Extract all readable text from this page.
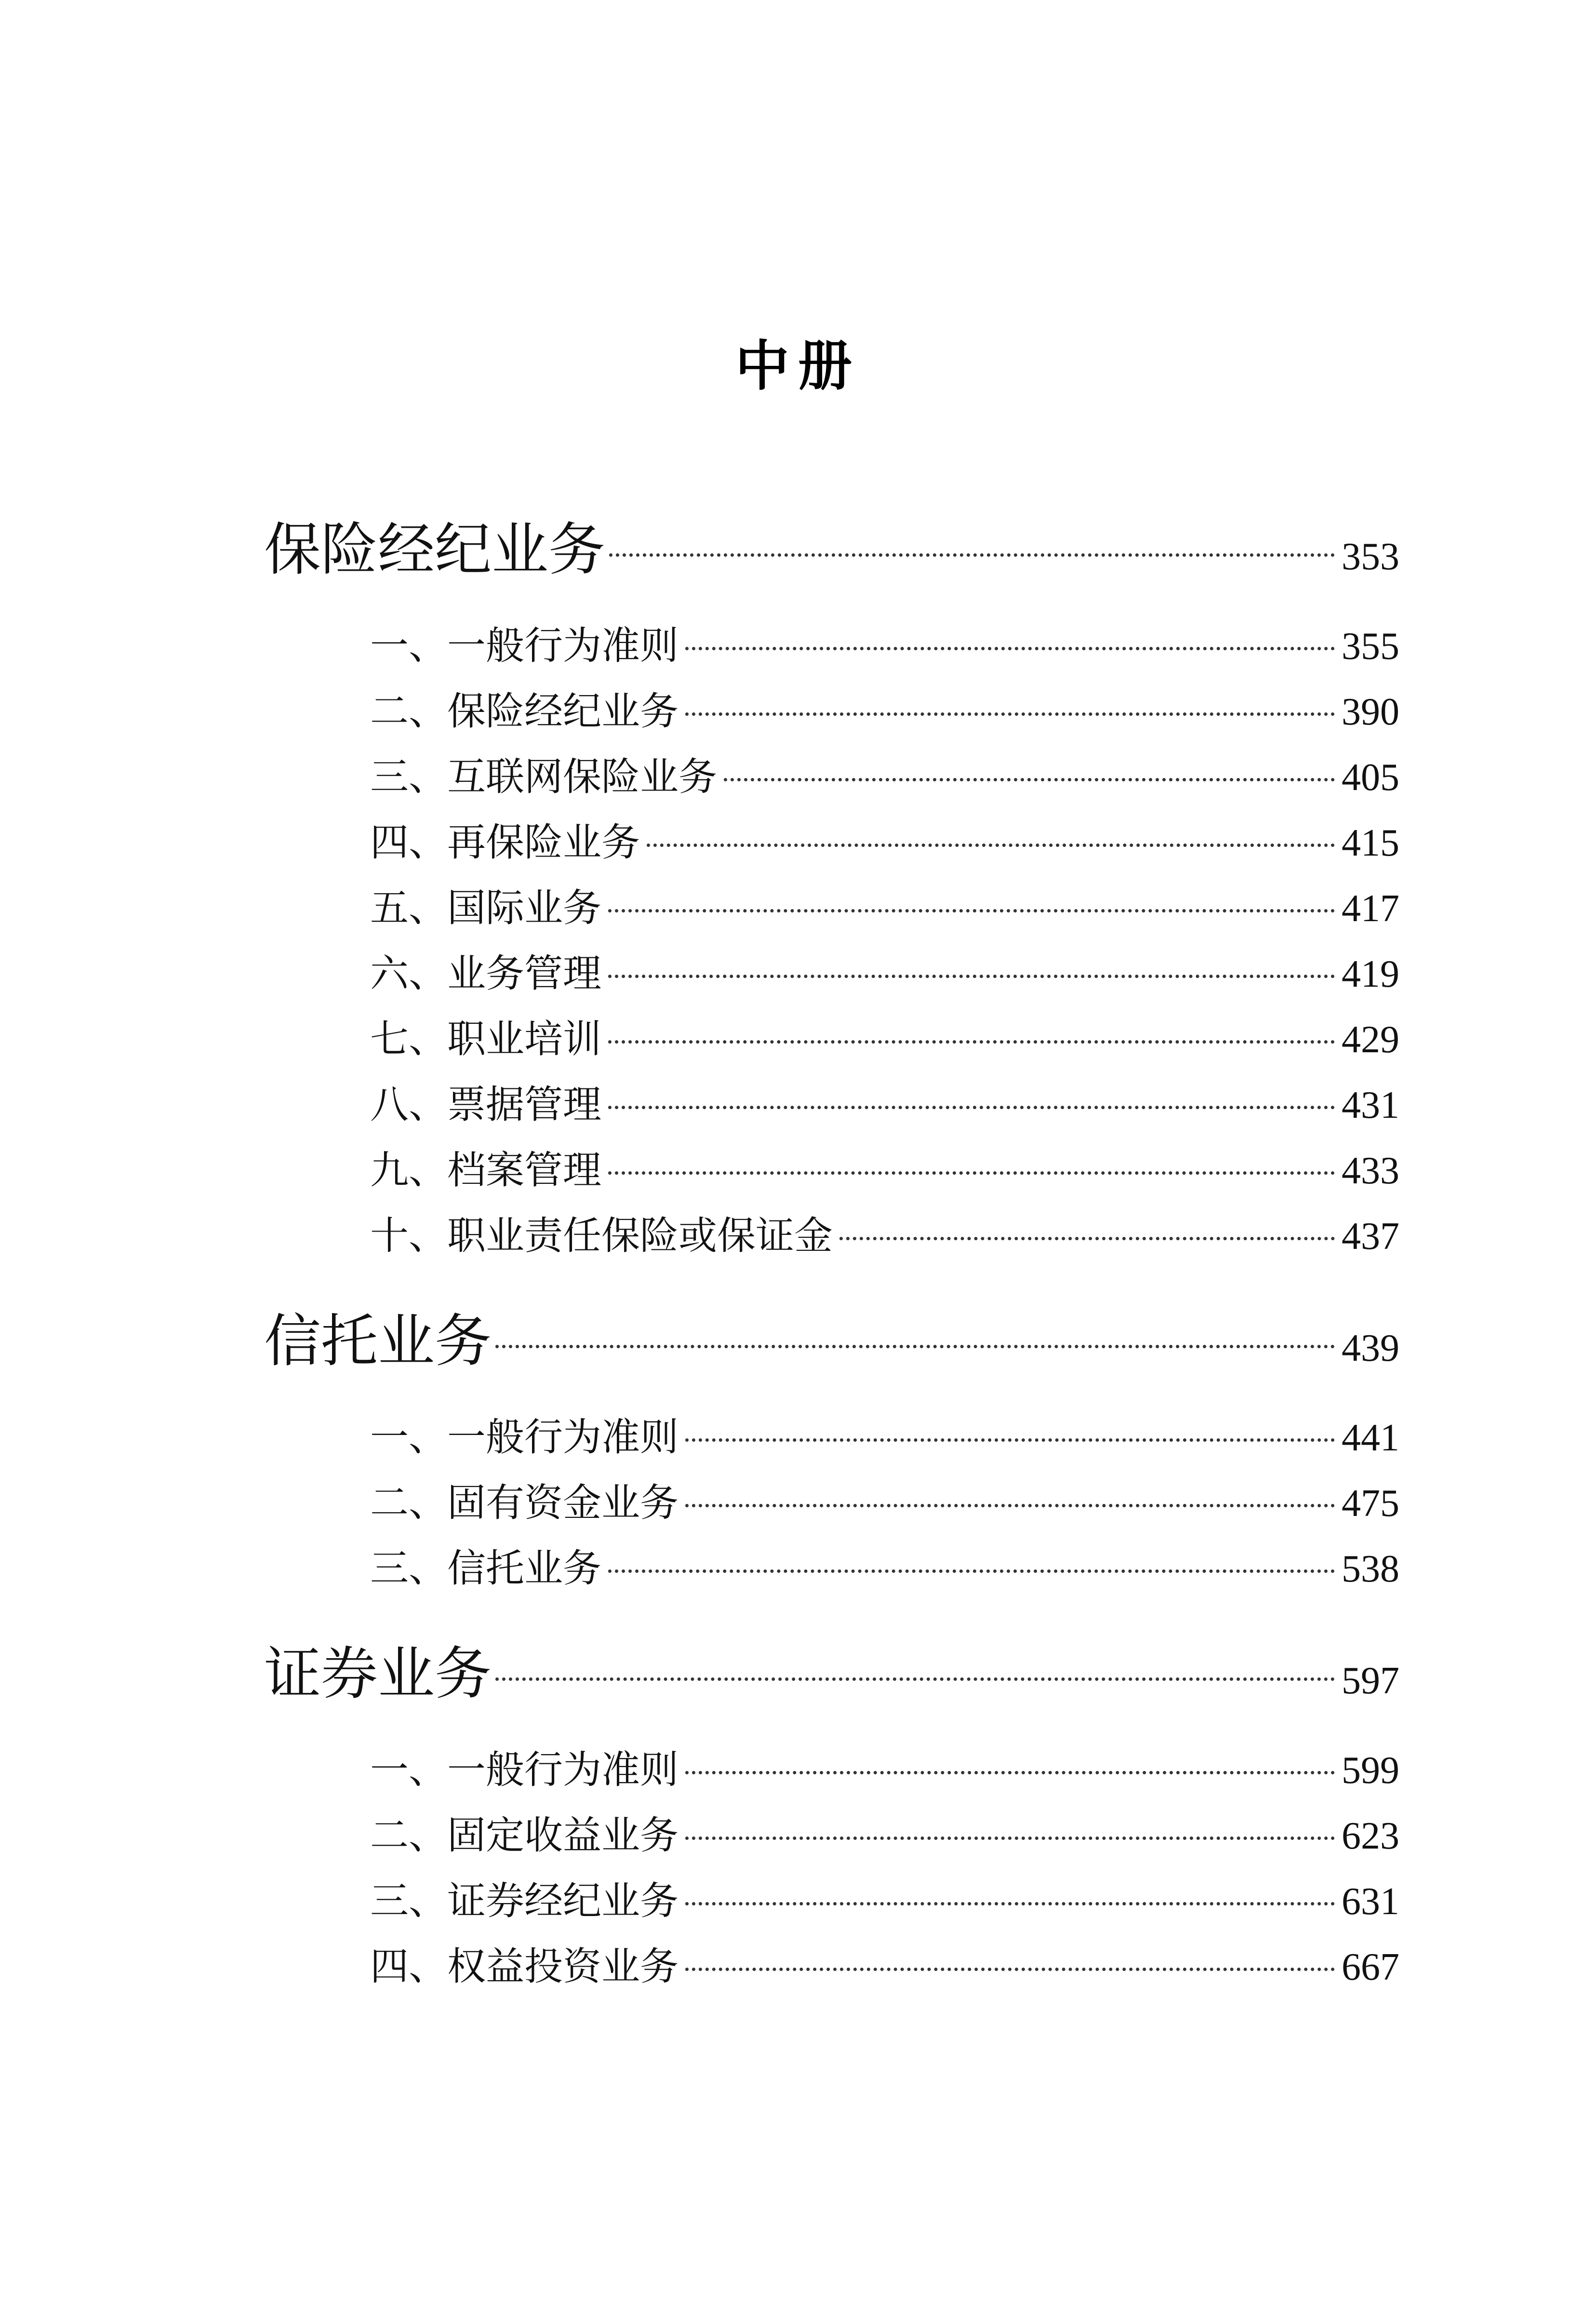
中册
保险经纪业务	353
一、一般行为准则	355
二、保险经纪业务	390
三、互联网保险业务	405
四、再保险业务	415
五、国际业务	417
六、业务管理	419
七、职业培训	429
八、票据管理	431
九、档案管理	433
十、职业责任保险或保证金	437
信托业务	439
一、一般行为准则	441
二、固有资金业务	475
三、信托业务	538
证券业务	597
一、一般行为准则	599
二、固定收益业务	623
三、证券经纪业务	631
四、权益投资业务	667
